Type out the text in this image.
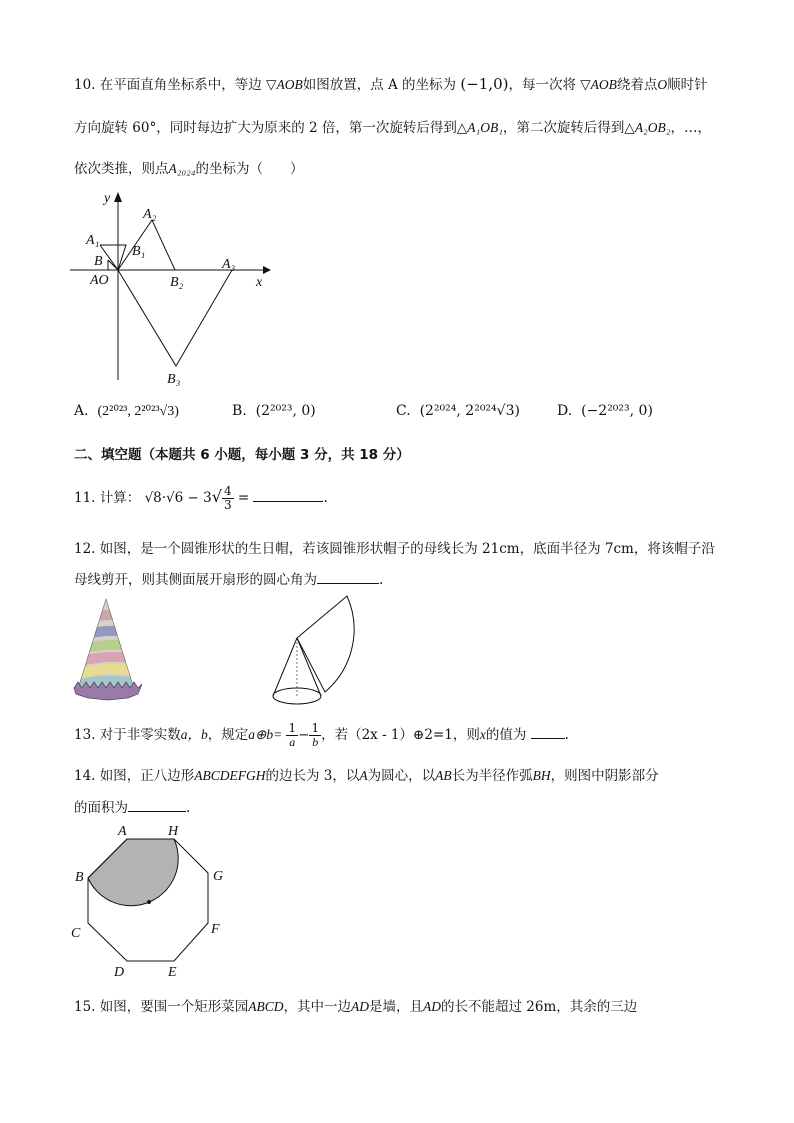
10. 在平面直角坐标系中，等边 ▽AOB如图放置，点 A 的坐标为 (−1,0)，每一次将 ▽AOB绕着点O顺时针
方向旋转 60°，同时每边扩大为原来的 2 倍，第一次旋转后得到△A₁OB₁，第二次旋转后得到△A₂OB₂，…，
依次类推，则点A₂₀₂₄的坐标为（　　）
y
A₂
A₁
B₁
B
AO	B₂
A₃
x
B₃
A. (2²⁰²³, 2²⁰²³√3)	B. (2²⁰²³, 0)	C. (2²⁰²⁴, 2²⁰²⁴√3)	D. (−2²⁰²³, 0)
二、填空题（本题共 6 小题，每小题 3 分，共 18 分）
11. 计算： $√8\cdot√6 - 3√ \frac{4}{3}$ =	.
12. 如图，是一个圆锥形状的生日帽，若该圆锥形状帽子的母线长为 21cm，底面半径为 7cm，将该帽子沿
母线剪开，则其侧面展开扇形的圆心角为	.
13. 对于非零实数a，b，规定a⊕b= $\frac{1}{a} - \frac{1}{b}$ ，若（2x - 1）⊕2=1，则x的值为	.
14. 如图，正八边形ABCDEFGH的边长为 3，以A为圆心，以AB长为半径作弧BH，则图中阴影部分
的面积为	.
A	H
B	G
C	F
D	E
15. 如图，要围一个矩形菜园ABCD，其中一边AD是墙，且AD的长不能超过 26m，其余的三边
